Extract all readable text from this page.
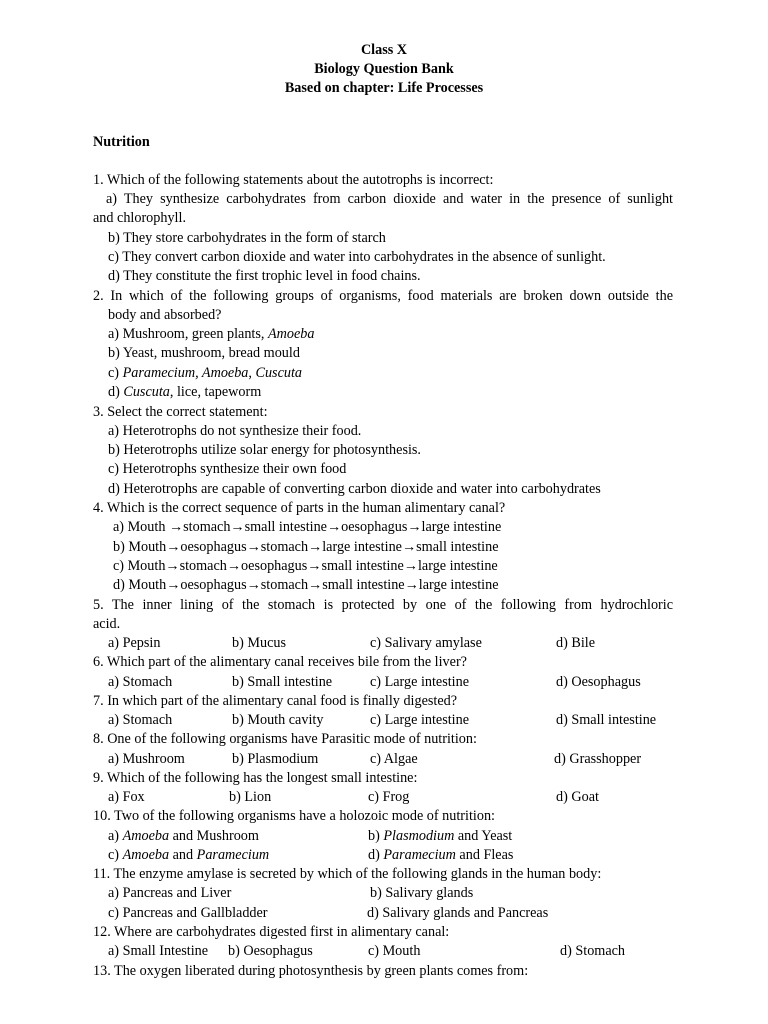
Class X
Biology Question Bank
Based on chapter: Life Processes
Nutrition
1. Which of the following statements about the autotrophs is incorrect:
a) They synthesize carbohydrates from carbon dioxide and water in the presence of sunlight
and chlorophyll.
b) They store carbohydrates in the form of starch
c) They convert carbon dioxide and water into carbohydrates in the absence of sunlight.
d) They constitute the first trophic level in food chains.
2. In which of the following groups of organisms, food materials are broken down outside the
body and absorbed?
a) Mushroom, green plants, Amoeba
b) Yeast, mushroom, bread mould
c) Paramecium, Amoeba, Cuscuta
d) Cuscuta, lice, tapeworm
3. Select the correct statement:
a) Heterotrophs do not synthesize their food.
b) Heterotrophs utilize solar energy for photosynthesis.
c) Heterotrophs synthesize their own food
d) Heterotrophs are capable of converting carbon dioxide and water into carbohydrates
4. Which is the correct sequence of parts in the human alimentary canal?
a) Mouth →stomach→small intestine→oesophagus→large intestine
b) Mouth→oesophagus→stomach→large intestine→small intestine
c) Mouth→stomach→oesophagus→small intestine→large intestine
d) Mouth→oesophagus→stomach→small intestine→large intestine
5. The inner lining of the stomach is protected by one of the following from hydrochloric
acid.
a) Pepsin	b) Mucus	c) Salivary amylase	d) Bile
6. Which part of the alimentary canal receives bile from the liver?
a) Stomach	b) Small intestine	c) Large intestine	d) Oesophagus
7. In which part of the alimentary canal food is finally digested?
a) Stomach	b) Mouth cavity	c) Large intestine	d) Small intestine
8. One of the following organisms have Parasitic mode of nutrition:
a) Mushroom	b) Plasmodium	c) Algae	d) Grasshopper
9. Which of the following has the longest small intestine:
a) Fox	b) Lion	c) Frog	d) Goat
10. Two of the following organisms have a holozoic mode of nutrition:
a) Amoeba and Mushroom	b) Plasmodium and Yeast
c) Amoeba and Paramecium	d) Paramecium and Fleas
11. The enzyme amylase is secreted by which of the following glands in the human body:
a) Pancreas and Liver	b) Salivary glands
c) Pancreas and Gallbladder	d) Salivary glands and Pancreas
12. Where are carbohydrates digested first in alimentary canal:
a) Small Intestine b) Oesophagus	c) Mouth	d) Stomach
13. The oxygen liberated during photosynthesis by green plants comes from:
